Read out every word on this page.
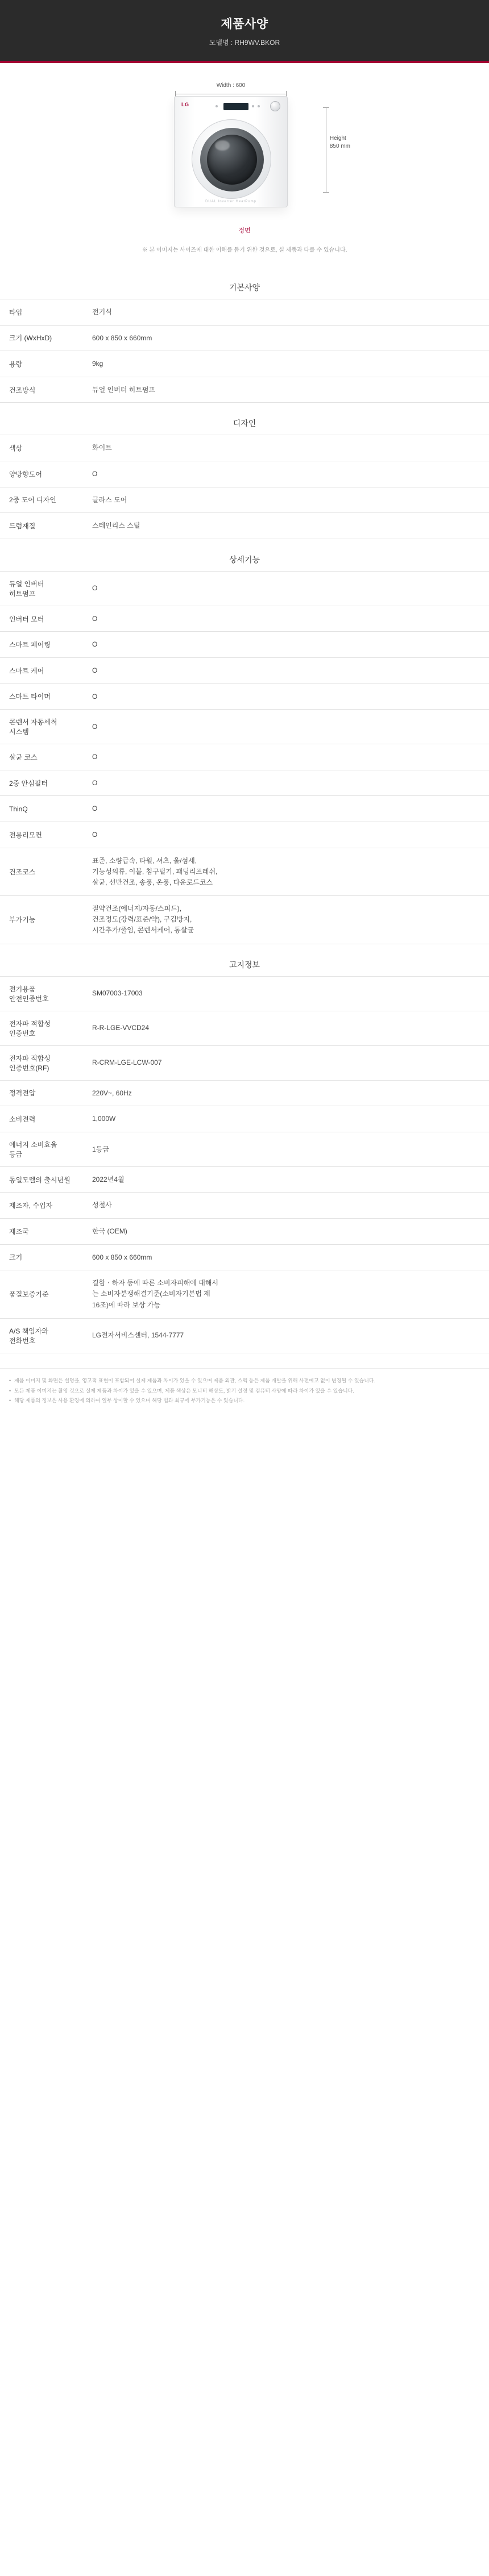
제품사양
모델명 : RH9WV.BKOR
Width : 600
LG
DUAL Inverter HeatPump
Height
850 mm
정면
※ 본 이미지는 사이즈에 대한 이해를 돕기 위한 것으로, 실 제품과 다를 수 있습니다.
기본사양
타입	전기식
크기 (WxHxD)	600 x 850 x 660mm
용량	9kg
건조방식	듀얼 인버터 히트펌프
디자인
색상	화이트
양방향도어	O
2중 도어 디자인	글라스 도어
드럼재질	스테인리스 스틸
상세기능
듀얼 인버터
히트펌프	O
인버터 모터	O
스마트 페어링	O
스마트 케어	O
스마트 타이머	O
콘덴서 자동세척
시스템	O
살균 코스	O
2중 안심필터	O
ThinQ	O
전용리모컨	O
건조코스	표준, 소량급속, 타월, 셔츠, 울/섬세,
기능성의류, 이불, 침구털기, 패딩리프레쉬,
살균, 선반건조, 송풍, 온풍, 다운로드코스
부가기능	절약건조(에너지/자동/스피드),
건조정도(강력/표준/약), 구김방지,
시간추가/줄임, 콘덴서케어, 통살균
고지정보
전기용품
안전인증번호	SM07003-17003
전자파 적합성
인증번호	R-R-LGE-VVCD24
전자파 적합성
인증번호(RF)	R-CRM-LGE-LCW-007
정격전압	220V~, 60Hz
소비전력	1,000W
에너지 소비효율
등급	1등급
동일모델의 출시년월	2022년4월
제조자, 수입자	성철사
제조국	한국 (OEM)
크기	600 x 850 x 660mm
품질보증기준	결함ㆍ하자 등에 따른 소비자피해에 대해서
는 소비자분쟁해결기준(소비자기본법 제
16조)에 따라 보상 가능
A/S 책임자와
전화번호	LG전자서비스센터, 1544-7777
• 제품 이미지 및 화면은 설명을, 영고적 표현이 포함되어 실제 제품과 차이가 있을 수 있으며 제품 외관, 스펙 등은 제품 개발을 위해 사전예고 없이 변경될 수 있습니다.
• 모든 제품 이미지는 촬영 것으로 실제 제품과 차이가 있을 수 있으며, 제품 색상은 모니터 해상도, 밝기 설정 및 컴퓨터 사양에 따라 차이가 있을 수 있습니다.
• 해당 제품의 정보은 사용 환경에 의하여 일부 상이할 수 있으며 해당 법과 최규에 부가기능은 수 있습니다.
